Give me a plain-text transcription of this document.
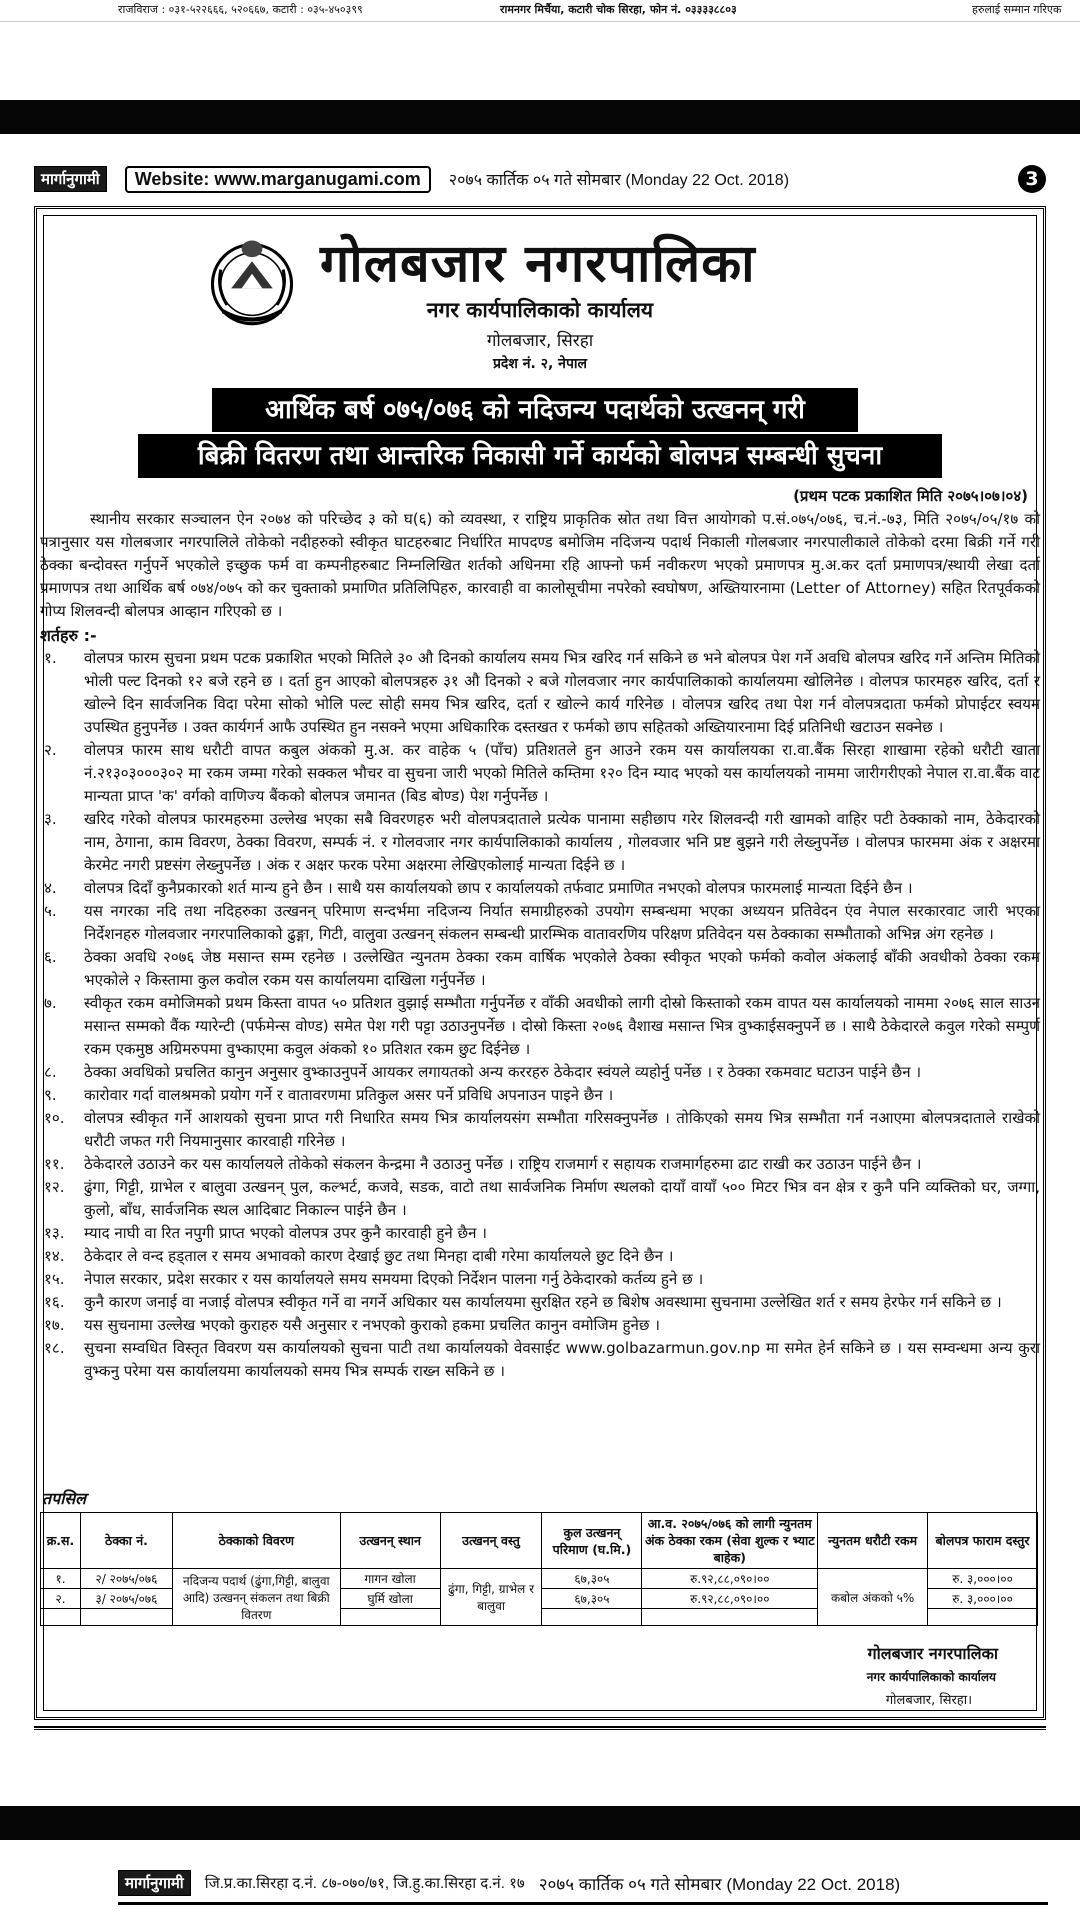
राजविराज : ०३१-५२२६६६, ५२०६६७, कटारी : ०३५-४५०३९९	रामनगर मिर्चैया, कटारी चोक सिरहा, फोन नं. ०३३३३८८०३	हरुलाई सम्मान गरिएक
मार्गानुगामी	Website: www.marganugami.com	२०७५ कार्तिक ०५ गते सोमबार (Monday 22 Oct. 2018)	3
गोलबजार नगरपालिका
नगर कार्यपालिकाको कार्यालय
गोलबजार, सिरहा
प्रदेश नं. २, नेपाल
आर्थिक बर्ष ०७५/०७६ को नदिजन्य पदार्थको उत्खनन् गरी
बिक्री वितरण तथा आन्तरिक निकासी गर्ने कार्यको बोलपत्र सम्बन्धी सुचना
(प्रथम पटक प्रकाशित मिति २०७५।०७।०४)

स्थानीय सरकार सञ्चालन ऐन २०७४ को परिच्छेद ३ को घ(६) को व्यवस्था, र राष्ट्रिय प्राकृतिक स्रोत तथा वित्त आयोगको प.सं.०७५/०७६, च.नं.-७३, मिति २०७५/०५/१७ को पत्रानुसार यस गोलबजार नगरपालिले तोकेको नदीहरुको स्वीकृत घाटहरुबाट निर्धारित मापदण्ड बमोजिम नदिजन्य पदार्थ निकाली गोलबजार नगरपालीकाले तोकेको दरमा बिक्री गर्ने गरी ठेक्का बन्दोवस्त गर्नुपर्ने भएकोले इच्छुक फर्म वा कम्पनीहरुबाट निम्नलिखित शर्तको अधिनमा रहि आफ्नो फर्म नवीकरण भएको प्रमाणपत्र मु.अ.कर दर्ता प्रमाणपत्र/स्थायी लेखा दर्ता प्रमाणपत्र तथा आर्थिक बर्ष ०७४/०७५ को कर चुक्ताको प्रमाणित प्रतिलिपिहरु, कारवाही वा कालोसूचीमा नपरेको स्वघोषण, अख्तियारनामा (Letter of Attorney) सहित रितपूर्वकको गोप्य शिलवन्दी बोलपत्र आव्हान गरिएको छ ।

शर्तहरु :-
१. वोलपत्र फारम सुचना प्रथम पटक प्रकाशित भएको मितिले ३० औ दिनको कार्यालय समय भित्र खरिद गर्न सकिने छ भने बोलपत्र पेश गर्ने अवधि बोलपत्र खरिद गर्ने अन्तिम मितिको भोली पल्ट दिनको १२ बजे रहने छ । दर्ता हुन आएको बोलपत्रहरु ३१ औ दिनको २ बजे गोलवजार नगर कार्यपालिकाको कार्यालयमा खोलिनेछ । वोलपत्र फारमहरु खरिद, दर्ता र खोल्ने दिन सार्वजनिक विदा परेमा सोको भोलि पल्ट सोही समय भित्र खरिद, दर्ता र खोल्ने कार्य गरिनेछ । वोलपत्र खरिद तथा पेश गर्न वोलपत्रदाता फर्मको प्रोपाईटर स्वयम उपस्थित हुनुपर्नेछ । उक्त कार्यगर्न आफै उपस्थित हुन नसक्ने भएमा अधिकारिक दस्तखत र फर्मको छाप सहितको अख्तियारनामा दिई प्रतिनिधी खटाउन सक्नेछ ।
२. वोलपत्र फारम साथ धरौटी वापत कबुल अंकको मु.अ. कर वाहेक ५ (पाँच) प्रतिशतले हुन आउने रकम यस कार्यालयका रा.वा.बैंक सिरहा शाखामा रहेको धरौटी खाता नं.२१३०३०००३०२ मा रकम जम्मा गरेको सक्कल भौचर वा सुचना जारी भएको मितिले कम्तिमा १२० दिन म्याद भएको यस कार्यालयको नाममा जारीगरीएको नेपाल रा.वा.बैंक वाट मान्यता प्राप्त 'क' वर्गको वाणिज्य बैंकको बोलपत्र जमानत (बिड बोण्ड) पेश गर्नुपर्नेछ ।
३. खरिद गरेको वोलपत्र फारमहरुमा उल्लेख भएका सबै विवरणहरु भरी वोलपत्रदाताले प्रत्येक पानामा सहीछाप गरेर शिलवन्दी गरी खामको वाहिर पटी ठेक्काको नाम, ठेकेदारको नाम, ठेगाना, काम विवरण, ठेक्का विवरण, सम्पर्क नं. र गोलवजार नगर कार्यपालिकाको कार्यालय , गोलवजार भनि प्रष्ट बुझने गरी लेख्नुपर्नेछ । वोलपत्र फारममा अंक र अक्षरमा केरमेट नगरी प्रष्टसंग लेख्नुपर्नेछ । अंक र अक्षर फरक परेमा अक्षरमा लेखिएकोलाई मान्यता दिईने छ ।
४. वोलपत्र दिदाँ कुनैप्रकारको शर्त मान्य हुने छैन । साथै यस कार्यालयको छाप र कार्यालयको तर्फवाट प्रमाणित नभएको वोलपत्र फारमलाई मान्यता दिईने छैन ।
५. यस नगरका नदि तथा नदिहरुका उत्खनन् परिमाण सन्दर्भमा नदिजन्य निर्यात समाग्रीहरुको उपयोग सम्बन्धमा भएका अध्ययन प्रतिवेदन एंव नेपाल सरकारवाट जारी भएका निर्देशनहरु गोलवजार नगरपालिकाको ढुङ्गा, गिटी, वालुवा उत्खनन् संकलन सम्बन्धी प्रारम्भिक वातावरणिय परिक्षण प्रतिवेदन यस ठेक्काका सम्भौताको अभिन्न अंग रहनेछ ।
६. ठेक्का अवधि २०७६ जेष्ठ मसान्त सम्म रहनेछ । उल्लेखित न्युनतम ठेक्का रकम वार्षिक भएकोले ठेक्का स्वीकृत भएको फर्मको कवोल अंकलाई बाँकी अवधीको ठेक्का रकम भएकोले २ किस्तामा कुल कवोल रकम यस कार्यालयमा दाखिला गर्नुपर्नेछ ।
७. स्वीकृत रकम वमोजिमको प्रथम किस्ता वापत ५० प्रतिशत वुझाई सम्भौता गर्नुपर्नेछ र वाँकी अवधीको लागी दोस्रो किस्ताको रकम वापत यस कार्यालयको नाममा २०७६ साल साउन मसान्त सम्मको वैंक ग्यारेन्टी (पर्फमेन्स वोण्ड) समेत पेश गरी पट्टा उठाउनुपर्नेछ । दोस्रो किस्ता २०७६ वैशाख मसान्त भित्र वुभ्काईसक्नुपर्ने छ । साथै ठेकेदारले कवुल गरेको सम्पुर्ण रकम एकमुष्ठ अग्रिमरुपमा वुभ्काएमा कवुल अंकको १० प्रतिशत रकम छुट दिईनेछ ।
८. ठेक्का अवधिको प्रचलित कानुन अनुसार वुभ्काउनुपर्ने आयकर लगायतको अन्य कररहरु ठेकेदार स्वंयले व्यहोर्नु पर्नेछ । र ठेक्का रकमवाट घटाउन पाईने छैन ।
९. कारोवार गर्दा वालश्रमको प्रयोग गर्ने र वातावरणमा प्रतिकुल असर पर्ने प्रविधि अपनाउन पाइने छैन ।
१०. वोलपत्र स्वीकृत गर्ने आशयको सुचना प्राप्त गरी निधारित समय भित्र कार्यालयसंग सम्भौता गरिसक्नुपर्नेछ । तोकिएको समय भित्र सम्भौता गर्न नआएमा बोलपत्रदाताले राखेको धरौटी जफत गरी नियमानुसार कारवाही गरिनेछ ।
११. ठेकेदारले उठाउने कर यस कार्यालयले तोकेको संकलन केन्द्रमा नै उठाउनु पर्नेछ । राष्ट्रिय राजमार्ग र सहायक राजमार्गहरुमा ढाट राखी कर उठाउन पाईने छैन ।
१२. ढुंगा, गिट्टी, ग्राभेल र बालुवा उत्खनन् पुल, कल्भर्ट, कजवे, सडक, वाटो तथा सार्वजनिक निर्माण स्थलको दायाँ वायाँ ५०० मिटर भित्र वन क्षेत्र र कुनै पनि व्यक्तिको घर, जग्गा, कुलो, बाँध, सार्वजनिक स्थल आदिबाट निकाल्न पाईने छैन ।
१३. म्याद नाघी वा रित नपुगी प्राप्त भएको वोलपत्र उपर कुनै कारवाही हुने छैन ।
१४. ठेकेदार ले वन्द हड्ताल र समय अभावको कारण देखाई छुट तथा मिनहा दाबी गरेमा कार्यालयले छुट दिने छैन ।
१५. नेपाल सरकार, प्रदेश सरकार र यस कार्यालयले समय समयमा दिएको निर्देशन पालना गर्नु ठेकेदारको कर्तव्य हुने छ ।
१६. कुनै कारण जनाई वा नजाई वोलपत्र स्वीकृत गर्ने वा नगर्ने अधिकार यस कार्यालयमा सुरक्षित रहने छ बिशेष अवस्थामा सुचनामा उल्लेखित शर्त र समय हेरफेर गर्न सकिने छ ।
१७. यस सुचनामा उल्लेख भएको कुराहरु यसै अनुसार र नभएको कुराको हकमा प्रचलित कानुन वमोजिम हुनेछ ।
१८. सुचना सम्वधित विस्तृत विवरण यस कार्यालयको सुचना पाटी तथा कार्यालयको वेवसाईट www.golbazarmun.gov.np मा समेत हेर्न सकिने छ । यस सम्वन्धमा अन्य कुरा वुभ्कनु परेमा यस कार्यालयमा कार्यालयको समय भित्र सम्पर्क राख्न सकिने छ ।
तपसिल
क्र.स.	ठेक्का नं.	ठेक्काको विवरण	उत्खनन् स्थान	उत्खनन् वस्तु	कुल उत्खनन् परिमाण (घ.मि.)	आ.व. २०७५/०७६ को लागी न्युनतम अंक ठेक्का रकम (सेवा शुल्क र भ्याट बाहेक)	न्युनतम धरौटी रकम	बोलपत्र फाराम दस्तुर
१.	२/ २०७५/०७६	नदिजन्य पदार्थ (ढुंगा,गिट्टी, बालुवा आदि) उत्खनन् संकलन तथा बिक्री वितरण	गागन खोला	ढुंगा, गिट्टी, ग्राभेल र बालुवा	६७,३०५	रु.९२,८८,०९०।००	कबोल अंकको ५%	रु. ३,०००।००
२.	३/ २०७५/०७६		घुर्मि खोला		६७,३०५	रु.९२,८८,०९०।००		रु. ३,०००।००

गोलबजार नगरपालिका
नगर कार्यपालिकाको कार्यालय
गोलबजार, सिरहा।
मार्गानुगामी	जि.प्र.का.सिरहा द.नं. ८७-०७०/७१, जि.हु.का.सिरहा द.नं. १७ २०७५ कार्तिक ०५ गते सोमबार (Monday 22 Oct. 2018)
